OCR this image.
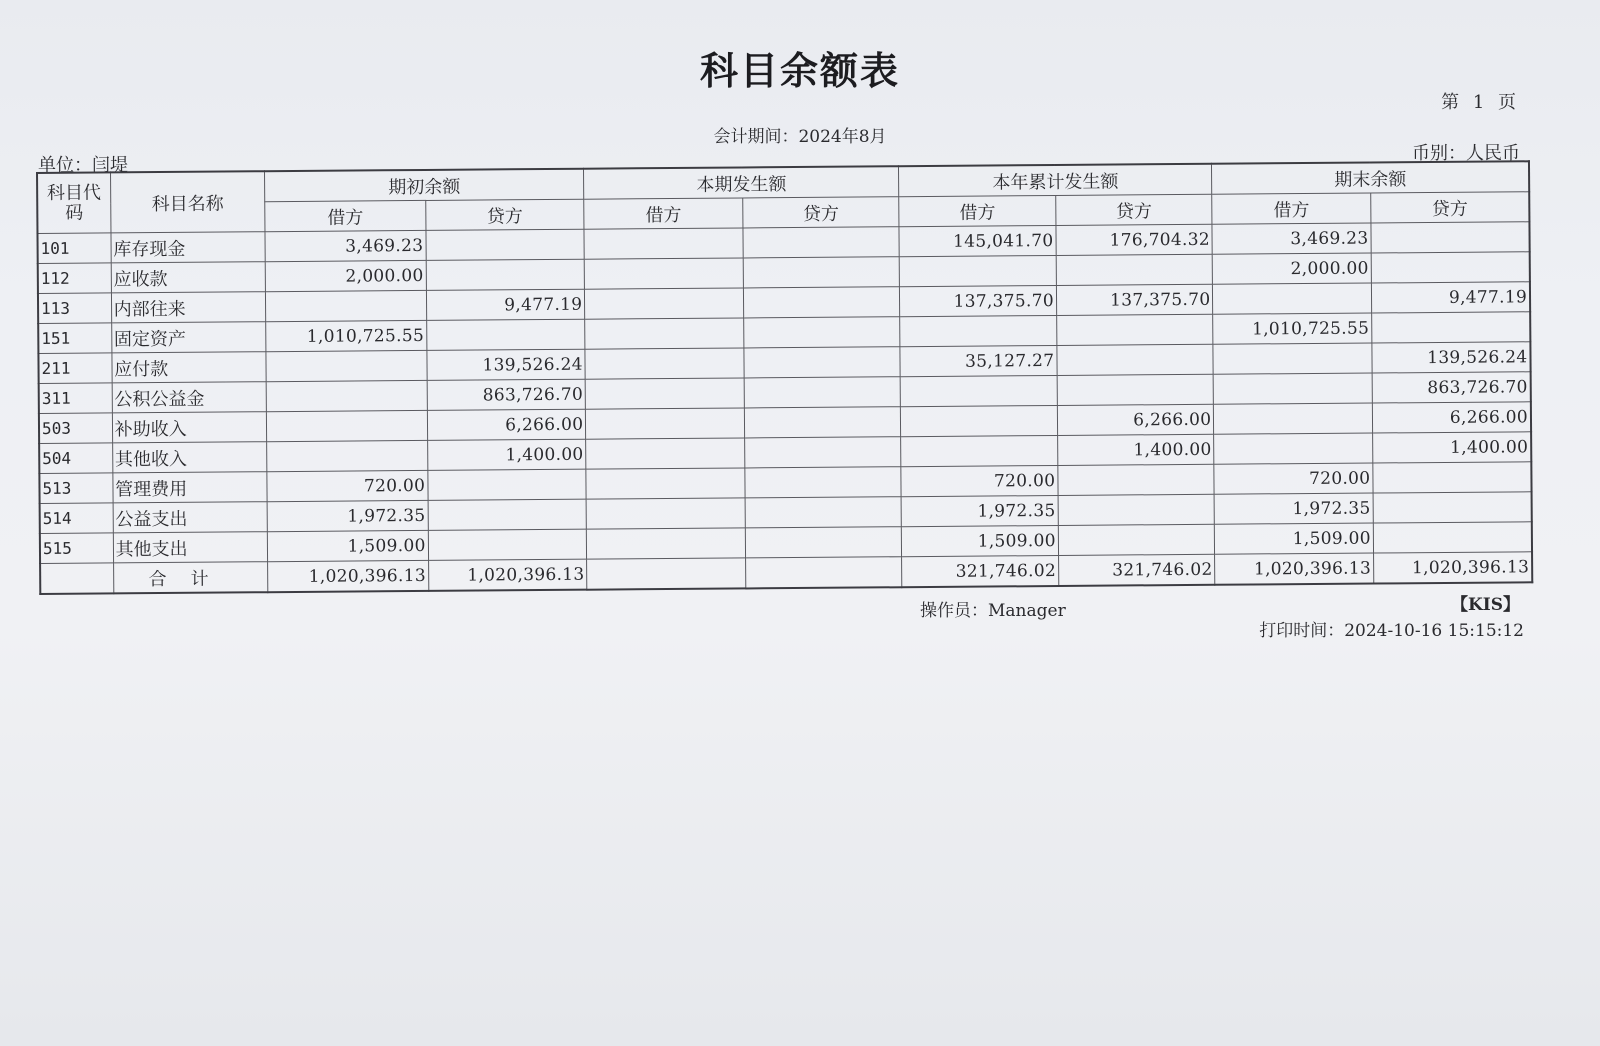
科目余额表
第 1 页
会计期间：2024年8月
单位：闫堤
币别：人民币
科目代码	科目名称	期初余额		本期发生额		本年累计发生额		期末余额	
		借方	贷方	借方	贷方	借方	贷方	借方	贷方
101	库存现金	3,469.23				145,041.70	176,704.32	3,469.23	
112	应收款	2,000.00						2,000.00	
113	内部往来		9,477.19			137,375.70	137,375.70		9,477.19
151	固定资产	1,010,725.55						1,010,725.55	
211	应付款		139,526.24			35,127.27			139,526.24
311	公积公益金		863,726.70						863,726.70
503	补助收入		6,266.00				6,266.00		6,266.00
504	其他收入		1,400.00				1,400.00		1,400.00
513	管理费用	720.00				720.00		720.00	
514	公益支出	1,972.35				1,972.35		1,972.35	
515	其他支出	1,509.00				1,509.00		1,509.00	
	合计	1,020,396.13	1,020,396.13			321,746.02	321,746.02	1,020,396.13	1,020,396.13
操作员：Manager	【KIS】
打印时间：2024-10-16 15:15:12
